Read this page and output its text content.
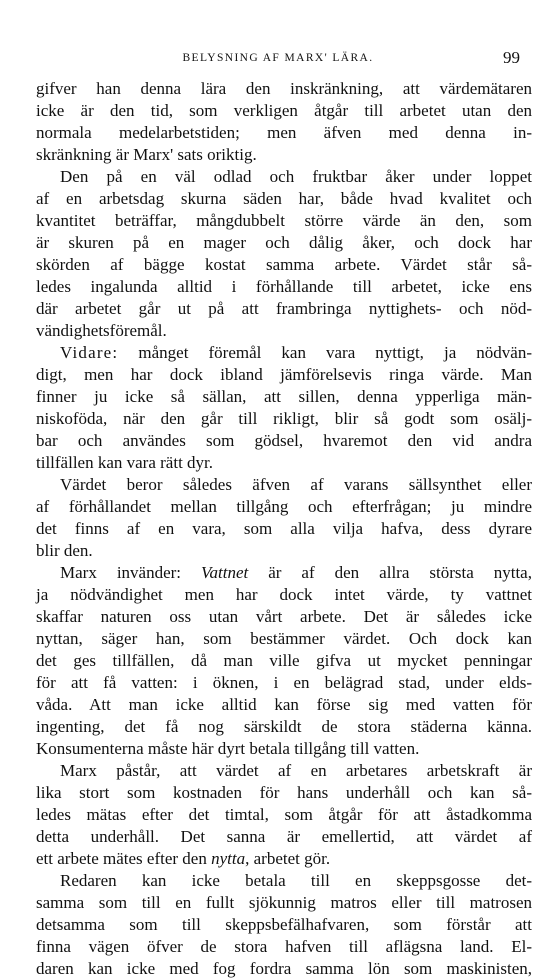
BELYSNING AF MARX' LÄRA.	99
gifver han denna lära den inskränkning, att värdemätaren
icke är den tid, som verkligen åtgår till arbetet utan den
normala medelarbetstiden; men äfven med denna in-
skränkning är Marx' sats oriktig.
Den på en väl odlad och fruktbar åker under loppet
af en arbetsdag skurna säden har, både hvad kvalitet och
kvantitet beträffar, mångdubbelt större värde än den, som
är skuren på en mager och dålig åker, och dock har
skörden af bägge kostat samma arbete. Värdet står så-
ledes ingalunda alltid i förhållande till arbetet, icke ens
där arbetet går ut på att frambringa nyttighets- och nöd-
vändighetsföremål.
Vidare: månget föremål kan vara nyttigt, ja nödvän-
digt, men har dock ibland jämförelsevis ringa värde. Man
finner ju icke så sällan, att sillen, denna ypperliga män-
niskoföda, när den går till rikligt, blir så godt som osälj-
bar och användes som gödsel, hvaremot den vid andra
tillfällen kan vara rätt dyr.
Värdet beror således äfven af varans sällsynthet eller
af förhållandet mellan tillgång och efterfrågan; ju mindre
det finns af en vara, som alla vilja hafva, dess dyrare
blir den.
Marx invänder: Vattnet är af den allra största nytta,
ja nödvändighet men har dock intet värde, ty vattnet
skaffar naturen oss utan vårt arbete. Det är således icke
nyttan, säger han, som bestämmer värdet. Och dock kan
det ges tillfällen, då man ville gifva ut mycket penningar
för att få vatten: i öknen, i en belägrad stad, under elds-
våda. Att man icke alltid kan förse sig med vatten för
ingenting, det få nog särskildt de stora städerna känna.
Konsumenterna måste här dyrt betala tillgång till vatten.
Marx påstår, att värdet af en arbetares arbetskraft är
lika stort som kostnaden för hans underhåll och kan så-
ledes mätas efter det timtal, som åtgår för att åstadkomma
detta underhåll. Det sanna är emellertid, att värdet af
ett arbete mätes efter den nytta, arbetet gör.
Redaren kan icke betala till en skeppsgosse det-
samma som till en fullt sjökunnig matros eller till matrosen
detsamma som till skeppsbefälhafvaren, som förstår att
finna vägen öfver de stora hafven till aflägsna land. El-
daren kan icke med fog fordra samma lön som maskinisten,
